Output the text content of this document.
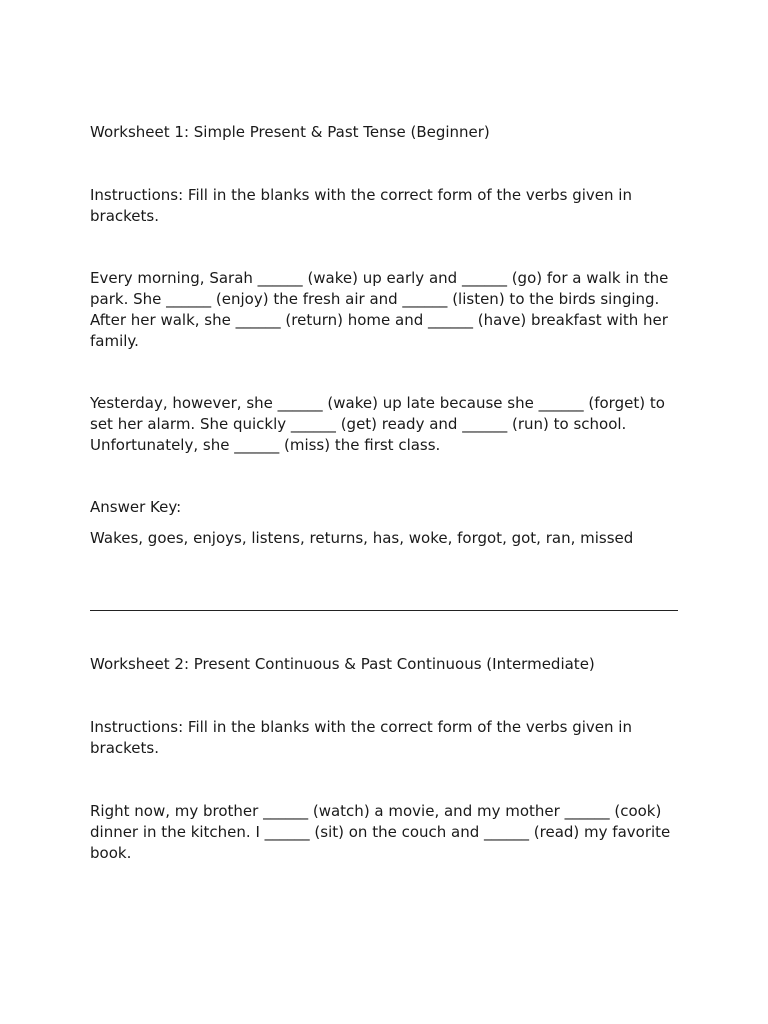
Worksheet 1: Simple Present & Past Tense (Beginner)

Instructions: Fill in the blanks with the correct form of the verbs given in brackets.

Every morning, Sarah ______ (wake) up early and ______ (go) for a walk in the park. She ______ (enjoy) the fresh air and ______ (listen) to the birds singing. After her walk, she ______ (return) home and ______ (have) breakfast with her family.

Yesterday, however, she ______ (wake) up late because she ______ (forget) to set her alarm. She quickly ______ (get) ready and ______ (run) to school. Unfortunately, she ______ (miss) the first class.

Answer Key:

Wakes, goes, enjoys, listens, returns, has, woke, forgot, got, ran, missed

Worksheet 2: Present Continuous & Past Continuous (Intermediate)

Instructions: Fill in the blanks with the correct form of the verbs given in brackets.

Right now, my brother ______ (watch) a movie, and my mother ______ (cook) dinner in the kitchen. I ______ (sit) on the couch and ______ (read) my favorite book.
